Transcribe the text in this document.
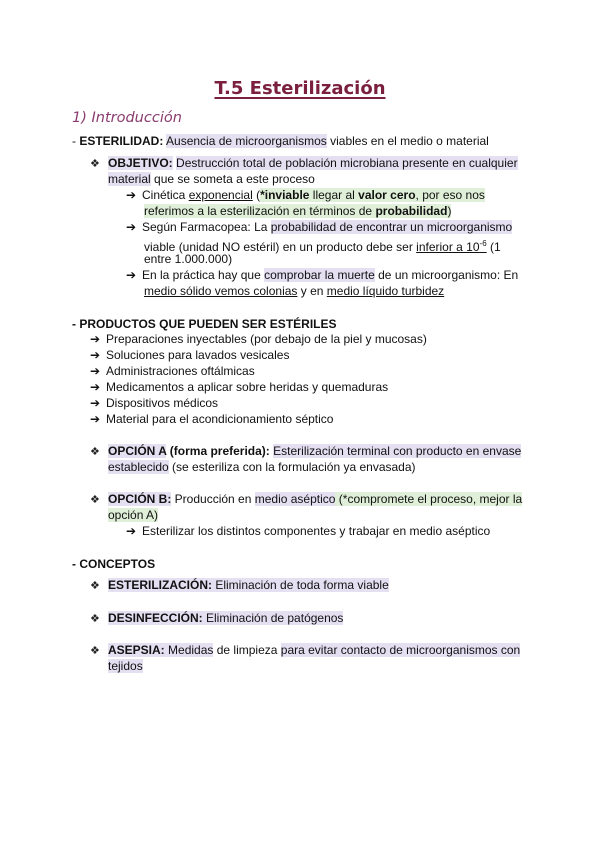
T.5 Esterilización
1) Introducción
- ESTERILIDAD: Ausencia de microorganismos viables en el medio o material
❖ OBJETIVO: Destrucción total de población microbiana presente en cualquier
material que se someta a este proceso
➔ Cinética exponencial (*inviable llegar al valor cero, por eso nos
referimos a la esterilización en términos de probabilidad)
➔ Según Farmacopea: La probabilidad de encontrar un microorganismo
viable (unidad NO estéril) en un producto debe ser inferior a $10^{-6}$ (1
entre 1.000.000)
➔ En la práctica hay que comprobar la muerte de un microorganismo: En
medio sólido vemos colonias y en medio líquido turbidez
- PRODUCTOS QUE PUEDEN SER ESTÉRILES
➔ Preparaciones inyectables (por debajo de la piel y mucosas)
➔ Soluciones para lavados vesicales
➔ Administraciones oftálmicas
➔ Medicamentos a aplicar sobre heridas y quemaduras
➔ Dispositivos médicos
➔ Material para el acondicionamiento séptico
❖ OPCIÓN A (forma preferida): Esterilización terminal con producto en envase
establecido (se esteriliza con la formulación ya envasada)
❖ OPCIÓN B: Producción en medio aséptico (*compromete el proceso, mejor la
opción A)
➔ Esterilizar los distintos componentes y trabajar en medio aséptico
- CONCEPTOS
❖ ESTERILIZACIÓN: Eliminación de toda forma viable
❖ DESINFECCIÓN: Eliminación de patógenos
❖ ASEPSIA: Medidas de limpieza para evitar contacto de microorganismos con
tejidos
